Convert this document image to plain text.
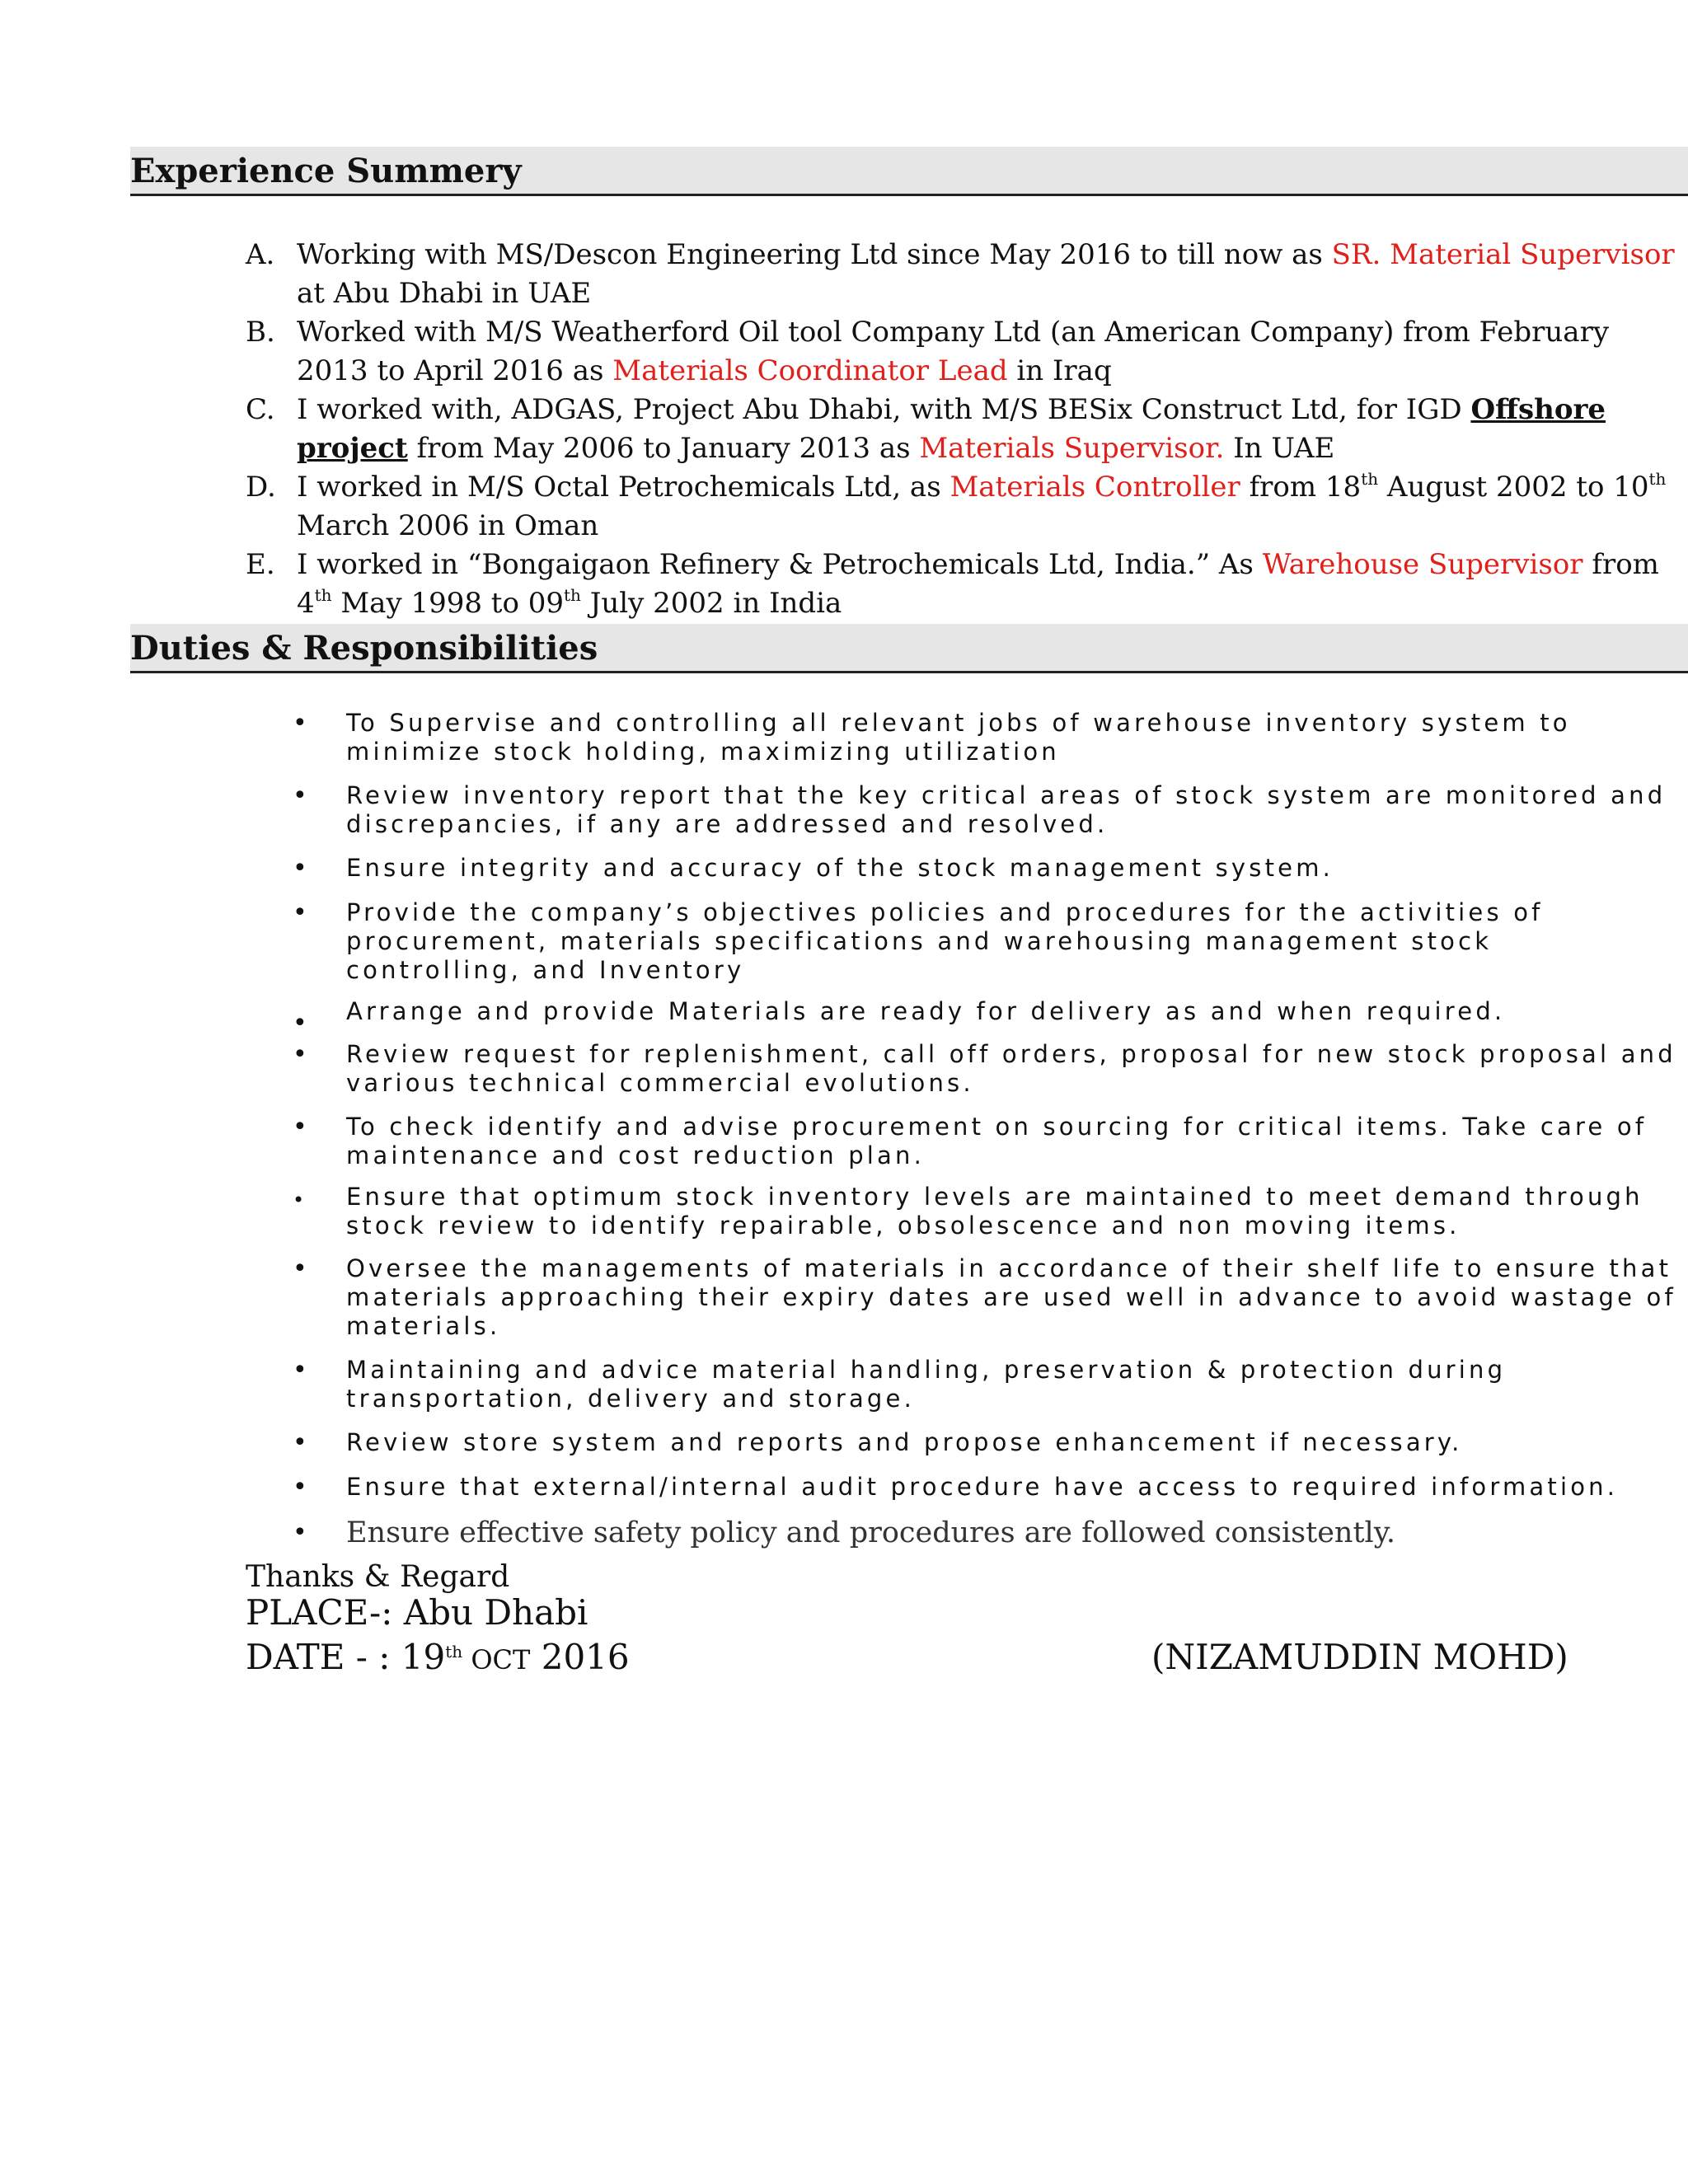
Experience Summery
A. Working with MS/Descon Engineering Ltd since May 2016 to till now as SR. Material Supervisor at Abu Dhabi in UAE
B. Worked with M/S Weatherford Oil tool Company Ltd (an American Company) from February 2013 to April 2016 as Materials Coordinator Lead in Iraq
C. I worked with, ADGAS, Project Abu Dhabi, with M/S BESix Construct Ltd, for IGD Offshore project from May 2006 to January 2013 as Materials Supervisor. In UAE
D. I worked in M/S Octal Petrochemicals Ltd, as Materials Controller from 18th August 2002 to 10th March 2006 in Oman
E. I worked in “Bongaigaon Refinery & Petrochemicals Ltd, India.” As Warehouse Supervisor from 4th May 1998 to 09th July 2002 in India
Duties & Responsibilities
• To Supervise and controlling all relevant jobs of warehouse inventory system to minimize stock holding, maximizing utilization
• Review inventory report that the key critical areas of stock system are monitored and discrepancies, if any are addressed and resolved.
• Ensure integrity and accuracy of the stock management system.
• Provide the company’s objectives policies and procedures for the activities of procurement, materials specifications and warehousing management stock controlling, and Inventory
• Arrange and provide Materials are ready for delivery as and when required.
• Review request for replenishment, call off orders, proposal for new stock proposal and various technical commercial evolutions.
• To check identify and advise procurement on sourcing for critical items. Take care of maintenance and cost reduction plan.
• Ensure that optimum stock inventory levels are maintained to meet demand through stock review to identify repairable, obsolescence and non moving items.
• Oversee the managements of materials in accordance of their shelf life to ensure that materials approaching their expiry dates are used well in advance to avoid wastage of materials.
• Maintaining and advice material handling, preservation & protection during transportation, delivery and storage.
• Review store system and reports and propose enhancement if necessary.
• Ensure that external/internal audit procedure have access to required information.
• Ensure effective safety policy and procedures are followed consistently.
Thanks & Regard
PLACE-: Abu Dhabi
DATE - : 19th OCT 2016	(NIZAMUDDIN MOHD)
